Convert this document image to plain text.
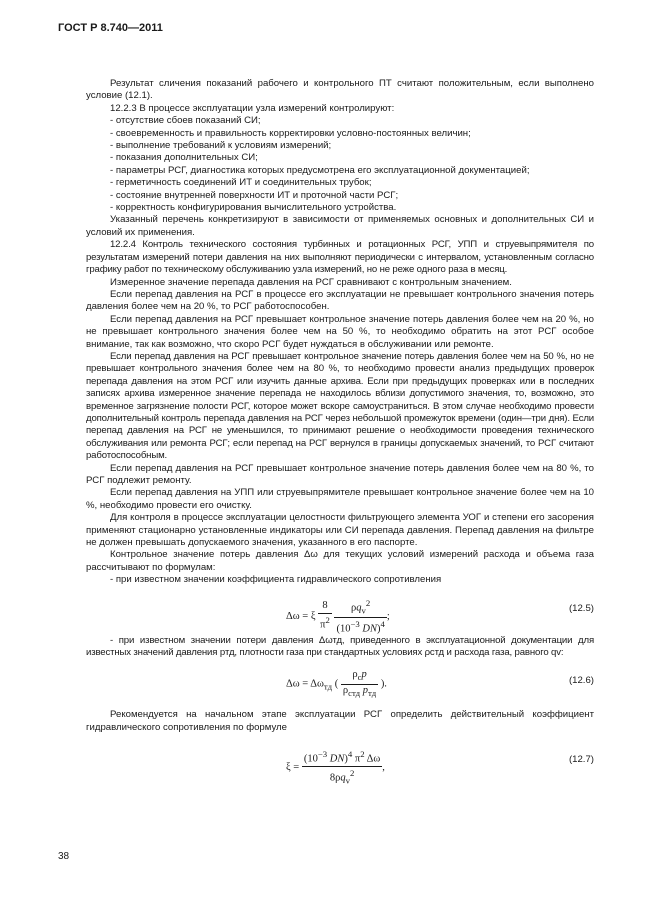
ГОСТ Р 8.740—2011

Результат сличения показаний рабочего и контрольного ПТ считают положительным, если выполнено условие (12.1).

12.2.3 В процессе эксплуатации узла измерений контролируют:

- отсутствие сбоев показаний СИ;

- своевременность и правильность корректировки условно-постоянных величин;

- выполнение требований к условиям измерений;

- показания дополнительных СИ;

- параметры РСГ, диагностика которых предусмотрена его эксплуатационной документацией;

- герметичность соединений ИТ и соединительных трубок;

- состояние внутренней поверхности ИТ и проточной части РСГ;

- корректность конфигурирования вычислительного устройства.

Указанный перечень конкретизируют в зависимости от применяемых основных и дополнительных СИ и условий их применения.

12.2.4 Контроль технического состояния турбинных и ротационных РСГ, УПП и струевыпрямителя по результатам измерений потери давления на них выполняют периодически с интервалом, установленным согласно графику работ по техническому обслуживанию узла измерений, но не реже одного раза в месяц.

Измеренное значение перепада давления на РСГ сравнивают с контрольным значением.

Если перепад давления на РСГ в процессе его эксплуатации не превышает контрольного значения потерь давления более чем на 20 %, то РСГ работоспособен.

Если перепад давления на РСГ превышает контрольное значение потерь давления более чем на 20 %, но не превышает контрольного значения более чем на 50 %, то необходимо обратить на этот РСГ особое внимание, так как возможно, что скоро РСГ будет нуждаться в обслуживании или ремонте.

Если перепад давления на РСГ превышает контрольное значение потерь давления более чем на 50 %, но не превышает контрольного значения более чем на 80 %, то необходимо провести анализ предыдущих проверок перепада давления на этом РСГ или изучить данные архива. Если при предыдущих проверках или в последних записях архива измеренное значение перепада не находилось вблизи допустимого значения, то, возможно, это временное загрязнение полости РСГ, которое может вскоре самоустраниться. В этом случае необходимо провести дополнительный контроль перепада давления на РСГ через небольшой промежуток времени (один—три дня). Если перепад давления на РСГ не уменьшился, то принимают решение о необходимости проведения технического обслуживания или ремонта РСГ; если перепад на РСГ вернулся в границы допускаемых значений, то РСГ считают работоспособным.

Если перепад давления на РСГ превышает контрольное значение потерь давления более чем на 80 %, то РСГ подлежит ремонту.

Если перепад давления на УПП или струевыпрямителе превышает контрольное значение более чем на 10 %, необходимо провести его очистку.

Для контроля в процессе эксплуатации целостности фильтрующего элемента УОГ и степени его засорения применяют стационарно установленные индикаторы или СИ перепада давления. Перепад давления на фильтре не должен превышать допускаемого значения, указанного в его паспорте.

Контрольное значение потерь давления Δω для текущих условий измерений расхода и объема газа рассчитывают по формулам:

- при известном значении коэффициента гидравлического сопротивления

Δω = ξ $\frac{8}{\pi^2}$
$\frac{\rho q_v^2}{(10^{-3} DN)^4}$ ;
(12.5)

- при известном значении потери давления Δωтд, приведенного в эксплуатационной документации для известных значений давления pтд, плотности газа при стандартных условиях ρстд и расхода газа, равного qv:

$\Delta\omega = \Delta\omega_{тд}$ ( $\frac{\rho_cp}{\rho_{стд} p_{тд}}$ ).	(12.6)

Рекомендуется на начальном этапе эксплуатации РСГ определить действительный коэффициент гидравлического сопротивления по формуле

$\xi = \frac{(10^{-3} DN)^4 \pi^2 \Delta\omega}{8\rho q_v^2}$ ,
(12.7)
38
